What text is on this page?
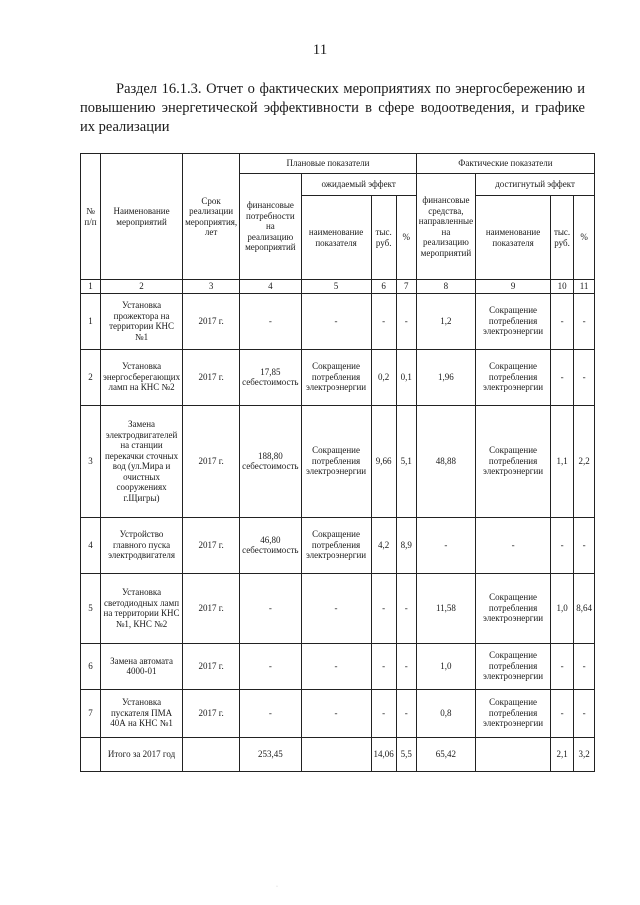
11
Раздел 16.1.3. Отчет о фактических мероприятиях по энергосбережению и повышению энергетической эффективности в сфере водоотведения, и графике их реализации
№ п/п	Наименование мероприятий	Срок реализации мероприятия, лет	Плановые показатели				Фактические показатели			
			финансовые потребности на реализацию мероприятий	ожидаемый эффект			финансовые средства, направленные на реализацию мероприятий	достигнутый эффект		
				наименование показателя	тыс. руб.	%		наименование показателя	тыс. руб.	%
1	2	3	4	5	6	7	8	9	10	11
1	Установка прожектора на территории КНС №1	2017 г.	-	-	-	-	1,2	Сокращение потребления электроэнергии	-	-
2	Установка энергосберегающих ламп на КНС №2	2017 г.	17,85 себестоимость	Сокращение потребления электроэнергии	0,2	0,1	1,96	Сокращение потребления электроэнергии	-	-
3	Замена электродвигателей на станции перекачки сточных вод (ул.Мира и очистных сооружениях г.Щигры)	2017 г.	188,80 себестоимость	Сокращение потребления электроэнергии	9,66	5,1	48,88	Сокращение потребления электроэнергии	1,1	2,2
4	Устройство главного пуска электродвигателя	2017 г.	46,80 себестоимость	Сокращение потребления электроэнергии	4,2	8,9	-	-	-	-
5	Установка светодиодных ламп на территории КНС №1, КНС №2	2017 г.	-	-	-	-	11,58	Сокращение потребления электроэнергии	1,0	8,64
6	Замена автомата 4000-01	2017 г.	-	-	-	-	1,0	Сокращение потребления электроэнергии	-	-
7	Установка пускателя ПМА 40А на КНС №1	2017 г.	-	-	-	-	0,8	Сокращение потребления электроэнергии	-	-
	Итого за 2017 год		253,45		14,06	5,5	65,42		2,1	3,2
·
